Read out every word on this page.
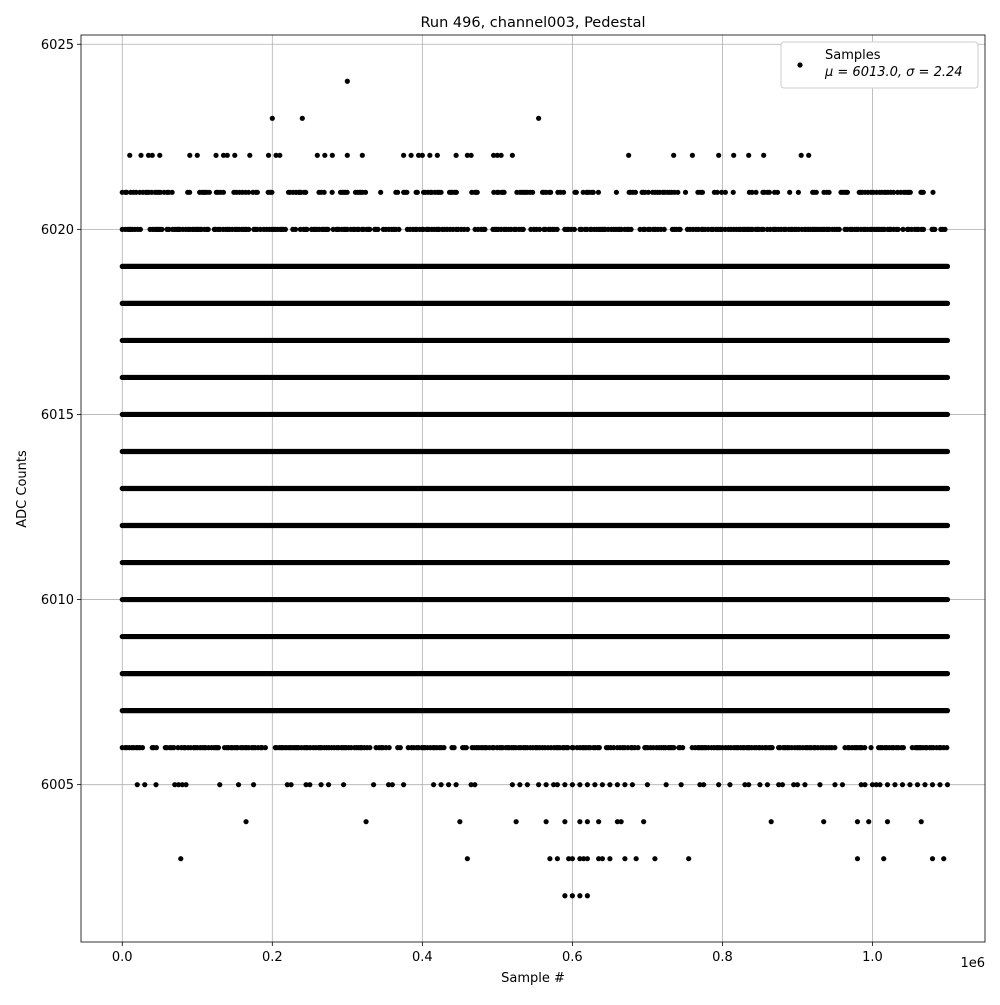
0.0	0.2	0.4	0.6	0.8	1.0
6005
6010
6015
6020
6025
Run 496, channel003, Pedestal
Sample #
ADC Counts
1e6
Samples
μ = 6013.0, σ = 2.24
